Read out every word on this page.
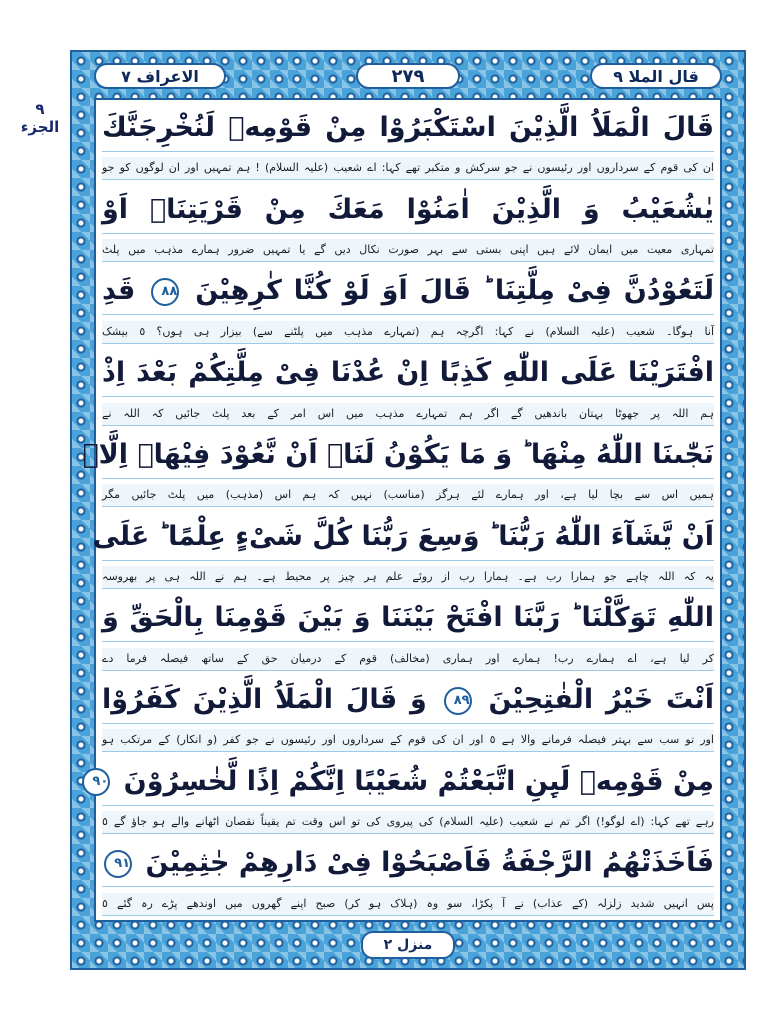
٩
الجزء
الاعراف ٧	٢٧٩	قال الملا ٩
قَالَ الْمَلَاُ الَّذِیْنَ اسْتَكْبَرُوْا مِنْ قَوْمِهٖ لَنُخْرِجَنَّكَ
ان کی قوم کے سرداروں اور رئیسوں نے جو سرکش و متکبر تھے کہا: اے شعیب (علیہ السلام) ! ہم تمہیں اور ان لوگوں کو جو
یٰشُعَیْبُ وَ الَّذِیْنَ اٰمَنُوْا مَعَكَ مِنْ قَرْیَتِنَاۤ اَوْ
تمہاری معیت میں ایمان لائے ہیں اپنی بستی سے بہر صورت نکال دیں گے یا تمہیں ضرور ہمارے مذہب میں پلٹ
لَتَعُوْدُنَّ فِیْ مِلَّتِنَا ؕ قَالَ اَوَ لَوْ كُنَّا كٰرِهِیْنَ ٨٨ قَدِ
آنا ہوگا۔ شعیب (علیہ السلام) نے کہا: اگرچہ ہم (تمہارے مذہب میں پلٹنے سے) بیزار ہی ہوں؟ ٥ بیشک
افْتَرَیْنَا عَلَى اللّٰهِ كَذِبًا اِنْ عُدْنَا فِیْ مِلَّتِكُمْ بَعْدَ اِذْ
ہم اللہ پر جھوٹا بہتان باندھیں گے اگر ہم تمہارے مذہب میں اس امر کے بعد پلٹ جائیں کہ اللہ نے
نَجّٰىنَا اللّٰهُ مِنْهَا ؕ وَ مَا یَكُوْنُ لَنَاۤ اَنْ نَّعُوْدَ فِیْهَاۤ اِلَّاۤ
ہمیں اس سے بچا لیا ہے، اور ہمارے لئے ہرگز (مناسب) نہیں کہ ہم اس (مذہب) میں پلٹ جائیں مگر
اَنْ یَّشَآءَ اللّٰهُ رَبُّنَا ؕ وَسِعَ رَبُّنَا كُلَّ شَیْءٍ عِلْمًا ؕ عَلَى
یہ کہ اللہ چاہے جو ہمارا رب ہے۔ ہمارا رب از روئے علم ہر چیز پر محیط ہے۔ ہم نے اللہ ہی پر بھروسہ
اللّٰهِ تَوَكَّلْنَا ؕ رَبَّنَا افْتَحْ بَیْنَنَا وَ بَیْنَ قَوْمِنَا بِالْحَقِّ وَ
کر لیا ہے، اے ہمارے رب! ہمارے اور ہماری (مخالف) قوم کے درمیان حق کے ساتھ فیصلہ فرما دے
اَنْتَ خَیْرُ الْفٰتِحِیْنَ ٨٩ وَ قَالَ الْمَلَاُ الَّذِیْنَ كَفَرُوْا
اور تو سب سے بہتر فیصلہ فرمانے والا ہے ٥ اور ان کی قوم کے سرداروں اور رئیسوں نے جو کفر (و انکار) کے مرتکب ہو
مِنْ قَوْمِهٖ لَىِٕنِ اتَّبَعْتُمْ شُعَیْبًا اِنَّكُمْ اِذًا لَّخٰسِرُوْنَ ٩٠
رہے تھے کہا: (اے لوگو!) اگر تم نے شعیب (علیہ السلام) کی پیروی کی تو اس وقت تم یقیناً نقصان اٹھانے والے ہو جاؤ گے ٥
فَاَخَذَتْهُمُ الرَّجْفَةُ فَاَصْبَحُوْا فِیْ دَارِهِمْ جٰثِمِیْنَ ٩١
پس انہیں شدید زلزلہ (کے عذاب) نے آ پکڑا، سو وہ (ہلاک ہو کر) صبح اپنے گھروں میں اوندھے پڑے رہ گئے ٥
منزل ٢
